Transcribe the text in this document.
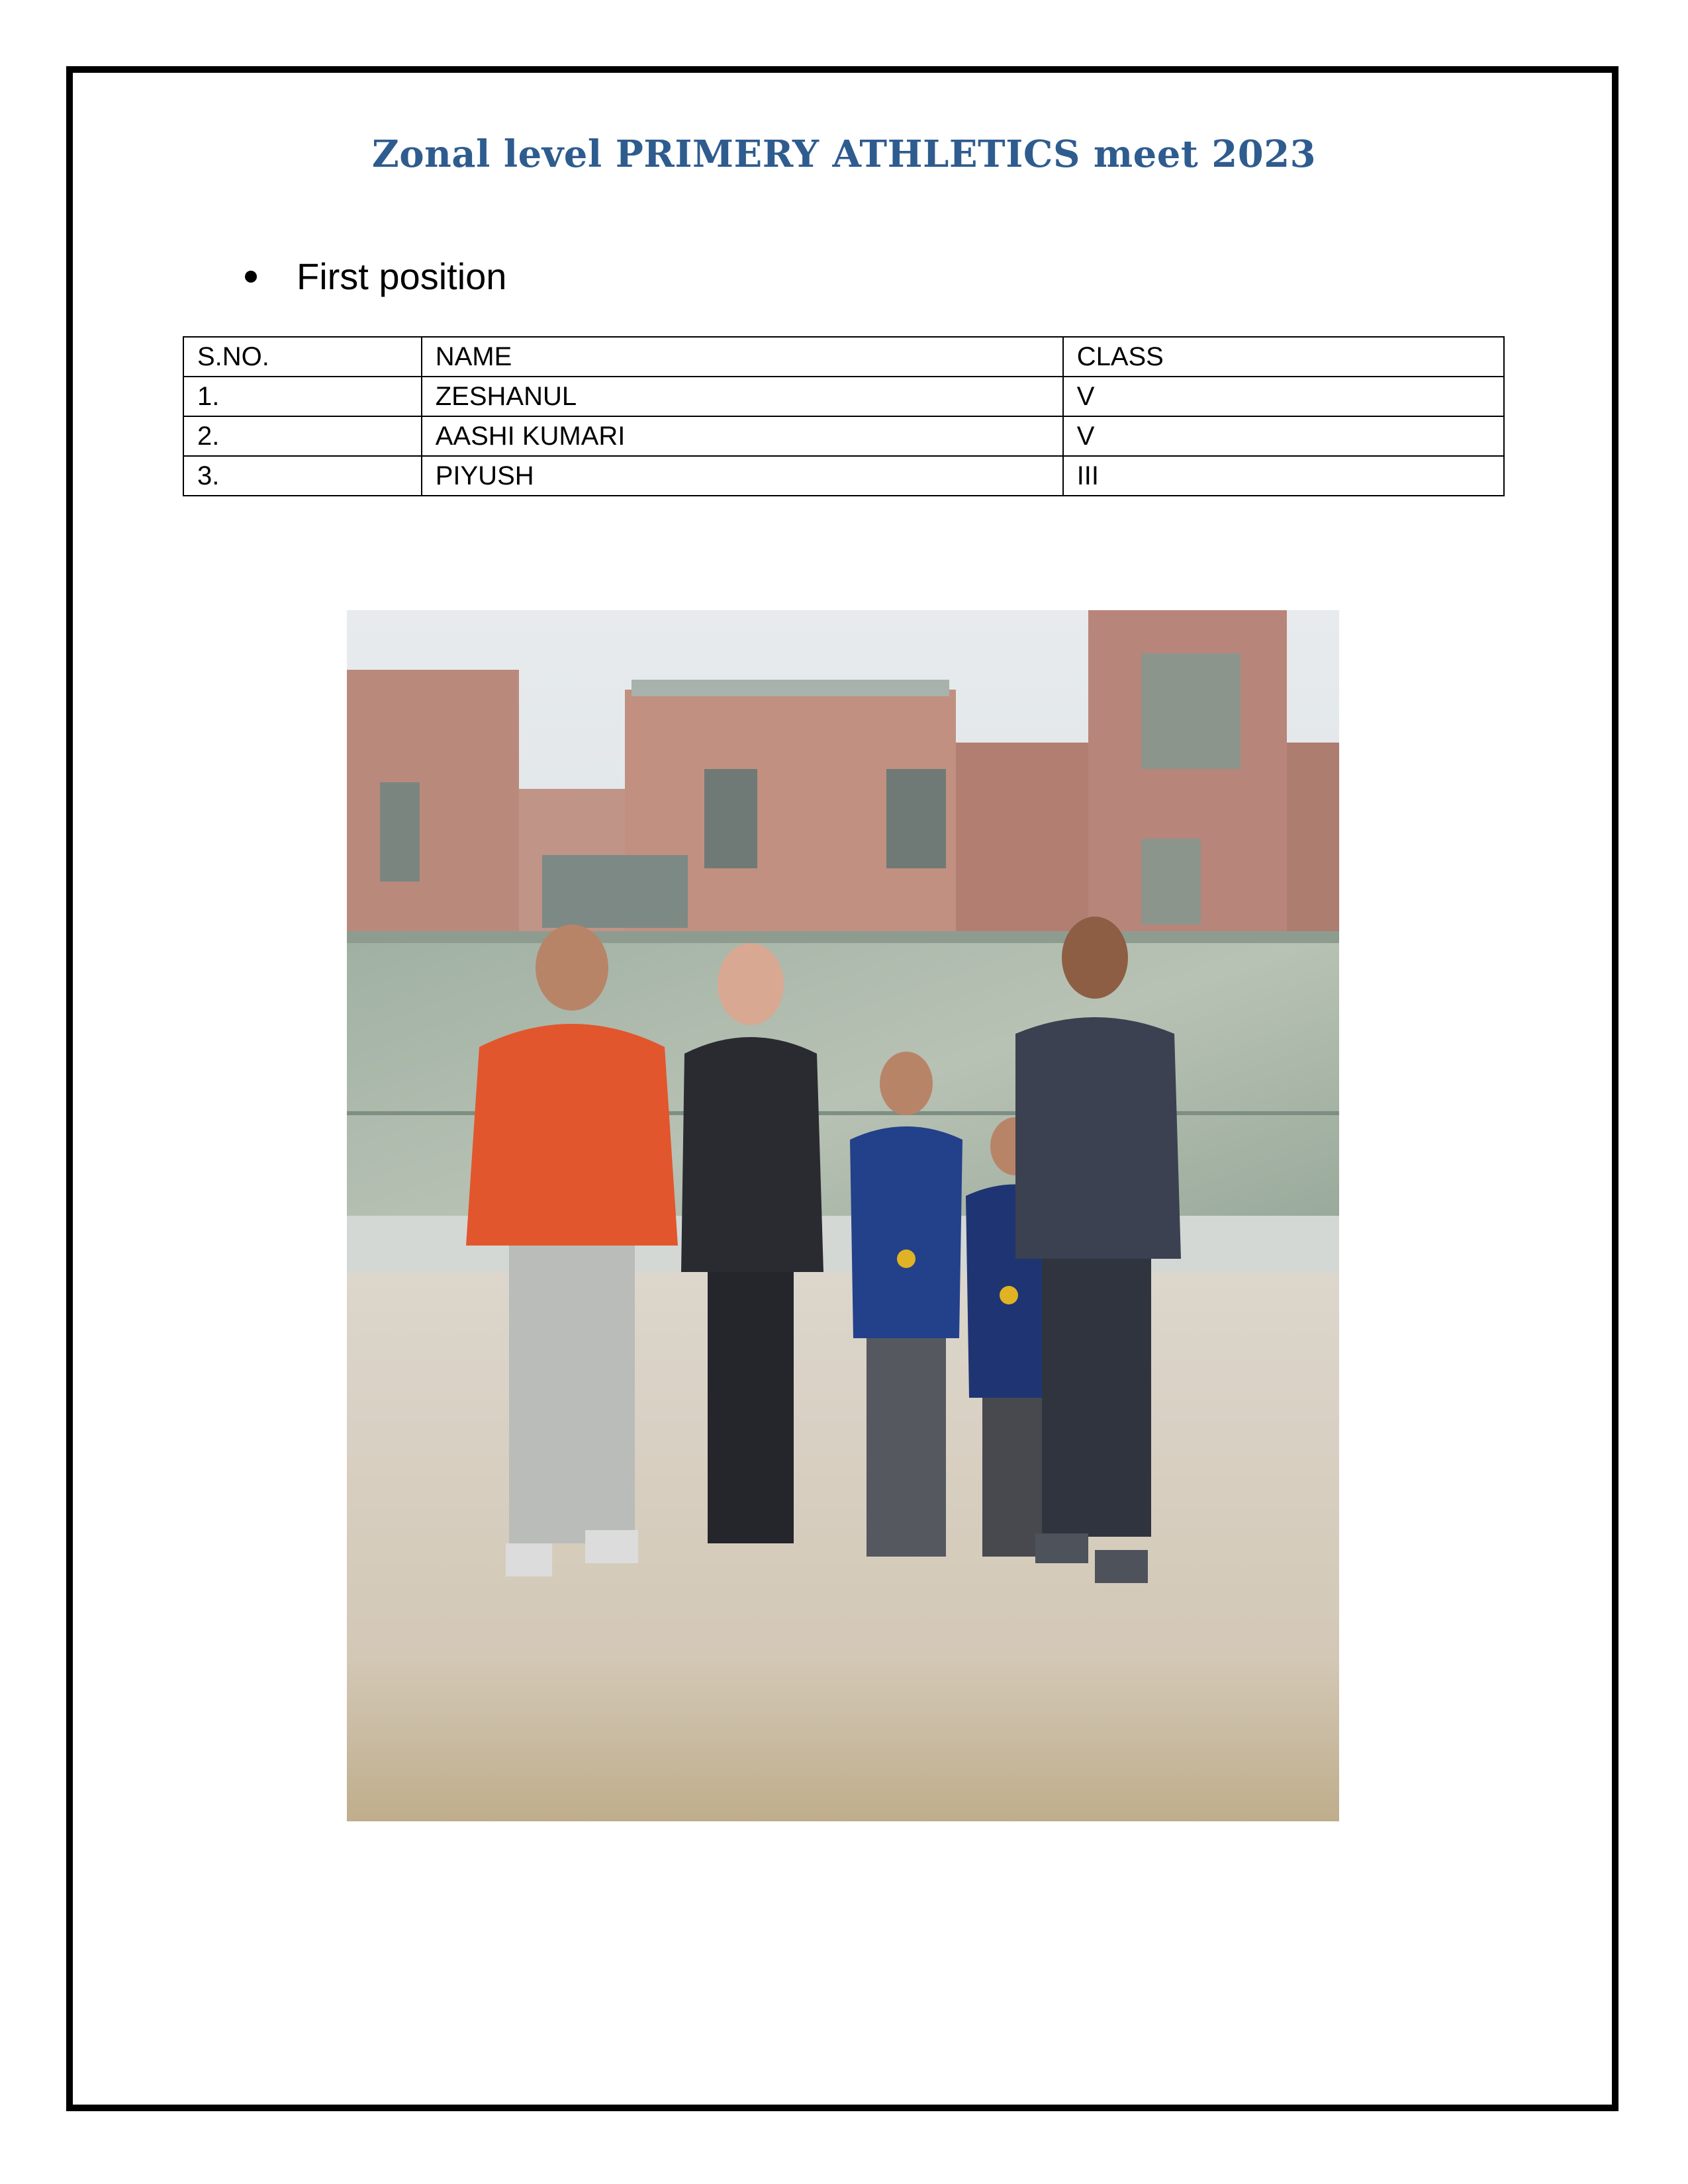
Zonal level PRIMERY ATHLETICS meet 2023
First position
S.NO.	NAME	CLASS
1.	ZESHANUL	V
2.	AASHI KUMARI	V
3.	PIYUSH	III
